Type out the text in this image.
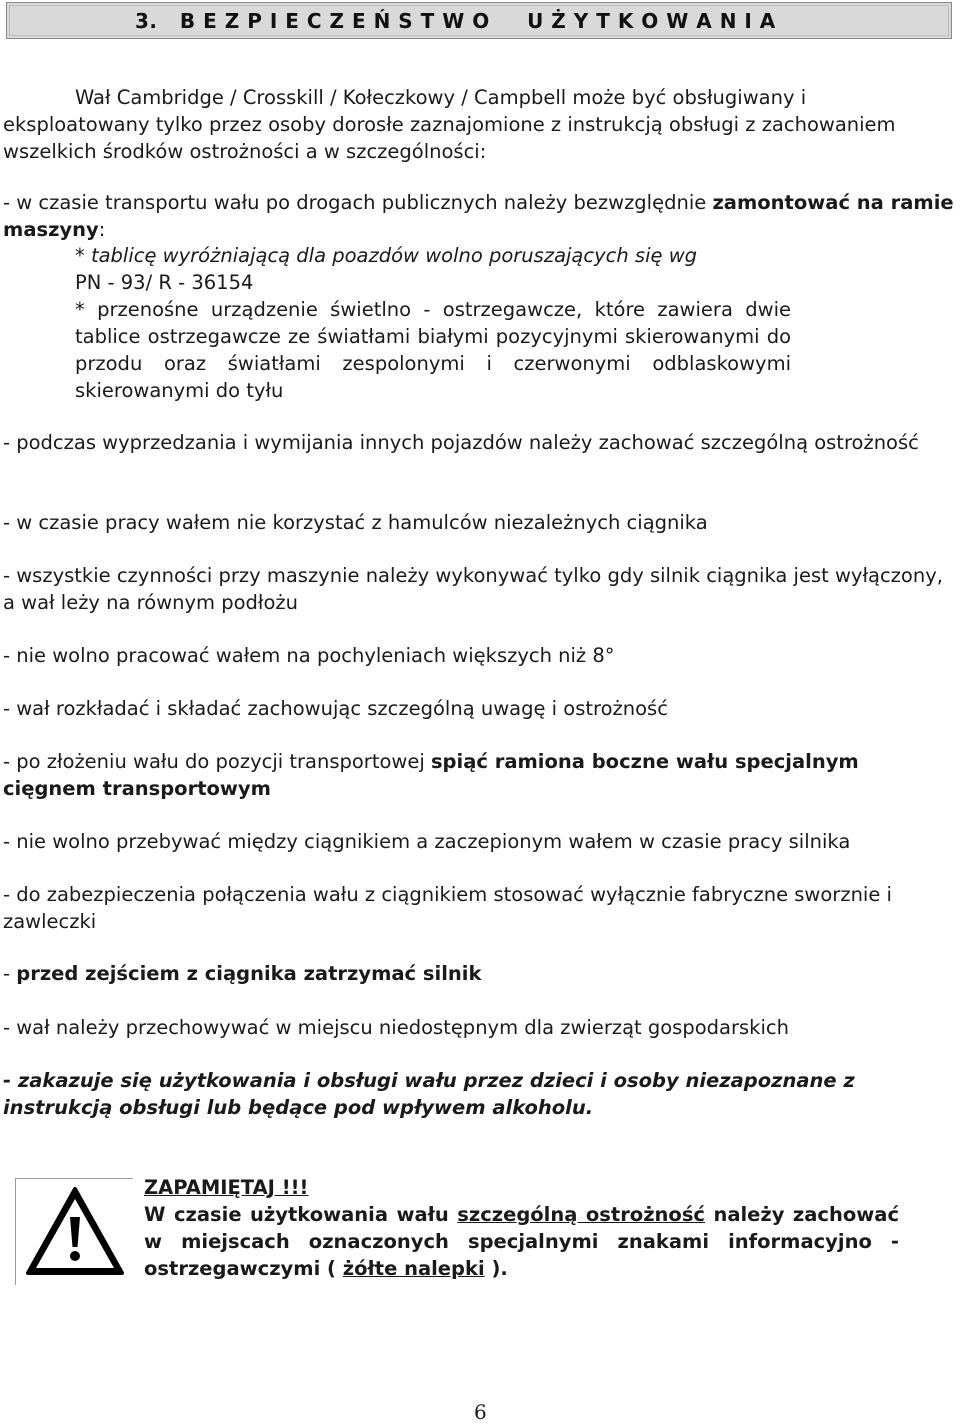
3.   B E Z P I E C Z E Ń S T W O     U Ż Y T K O W A N I A

Wał Cambridge / Crosskill / Kołeczkowy / Campbell może być obsługiwany i eksploatowany tylko przez osoby dorosłe zaznajomione z instrukcją obsługi z zachowaniem wszelkich środków ostrożności a w szczególności:

- w czasie transportu wału po drogach publicznych należy bezwzględnie zamontować na ramie maszyny:

* tablicę wyróżniającą dla poazdów wolno poruszających się wg

PN - 93/ R - 36154

* przenośne urządzenie świetlno - ostrzegawcze, które zawiera dwie tablice ostrzegawcze ze światłami białymi pozycyjnymi skierowanymi do przodu oraz światłami zespolonymi i czerwonymi odblaskowymi skierowanymi do tyłu

- podczas wyprzedzania i wymijania innych pojazdów należy zachować szczególną ostrożność

- w czasie pracy wałem nie korzystać z hamulców niezależnych ciągnika

- wszystkie czynności przy maszynie należy wykonywać tylko gdy silnik ciągnika jest wyłączony, a wał leży na równym podłożu

- nie wolno pracować wałem na pochyleniach większych niż 8°

- wał rozkładać i składać zachowując szczególną uwagę i ostrożność

- po złożeniu wału do pozycji transportowej spiąć ramiona boczne wału specjalnym cięgnem transportowym

- nie wolno przebywać między ciągnikiem a zaczepionym wałem w czasie pracy silnika

- do zabezpieczenia połączenia wału z ciągnikiem stosować wyłącznie fabryczne sworznie i zawleczki

- przed zejściem z ciągnika zatrzymać silnik

- wał należy przechowywać w miejscu niedostępnym dla zwierząt gospodarskich

- zakazuje się użytkowania i obsługi wału przez dzieci i osoby niezapoznane z instrukcją obsługi lub będące pod wpływem alkoholu.

ZAPAMIĘTAJ !!!
W czasie użytkowania wału szczególną ostrożność należy zachować w miejscach oznaczonych specjalnymi znakami informacyjno - ostrzegawczymi ( żółte nalepki ).
6
